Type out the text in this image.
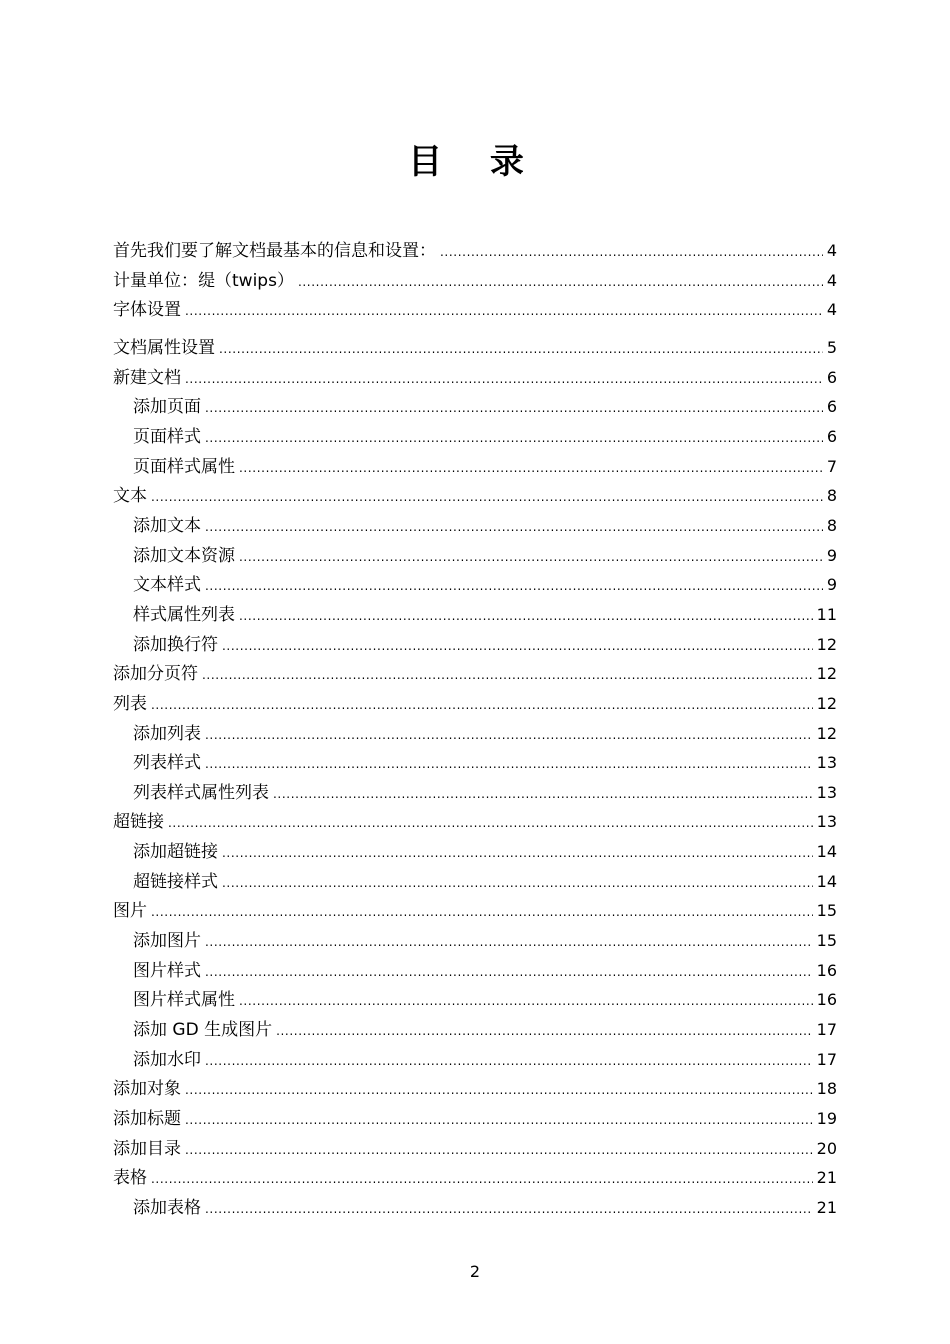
目 录
首先我们要了解文档最基本的信息和设置： . . .	4
计量单位：缇（twips） . . .	4
字体设置 . . .	4
文档属性设置 . . .	5
新建文档 . . .	6
添加页面 . . .	6
页面样式 . . .	6
页面样式属性 . . .	7
文本 . . .	8
添加文本 . . .	8
添加文本资源 . . .	9
文本样式 . . .	9
样式属性列表 . . .	11
添加换行符 . . .	12
添加分页符 . . .	12
列表 . . .	12
添加列表 . . .	12
列表样式 . . .	13
列表样式属性列表 . . .	13
超链接 . . .	13
添加超链接 . . .	14
超链接样式 . . .	14
图片 . . .	15
添加图片 . . .	15
图片样式 . . .	16
图片样式属性 . . .	16
添加 GD 生成图片 . . .	17
添加水印 . . .	17
添加对象 . . .	18
添加标题 . . .	19
添加目录 . . .	20
表格 . . .	21
添加表格 . . .	21
2
